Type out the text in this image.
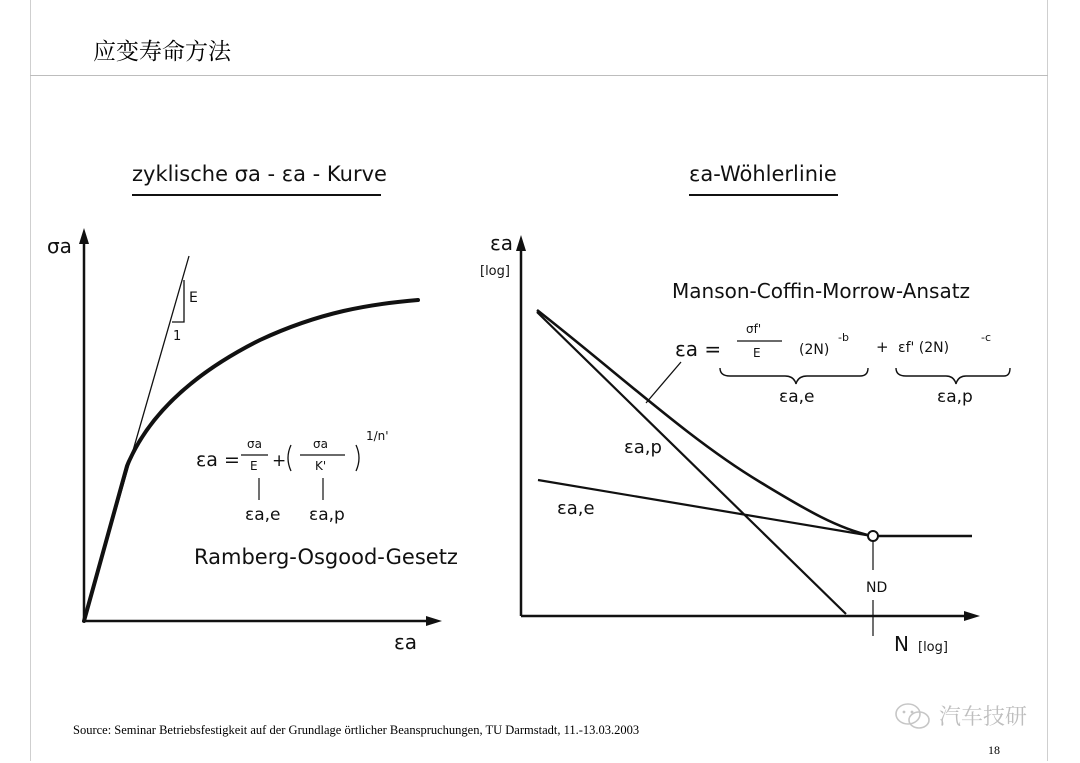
应变寿命方法
zyklische σa - εa - Kurve
σa
εa
E
1
εa =
σa
E +
σa
K'
1/n'
εa,e εa,p
Ramberg-Osgood-Gesetz
εa-Wöhlerlinie
εa
[log]
N [log]
Manson-Coffin-Morrow-Ansatz
εa =
σf'
E	(2N)
-b
+ εf' (2N)
-c
εa,e	εa,p
ND
εa,p
εa,e
汽车技研
Source: Seminar Betriebsfestigkeit auf der Grundlage örtlicher Beanspruchungen, TU Darmstadt, 11.-13.03.2003
18
